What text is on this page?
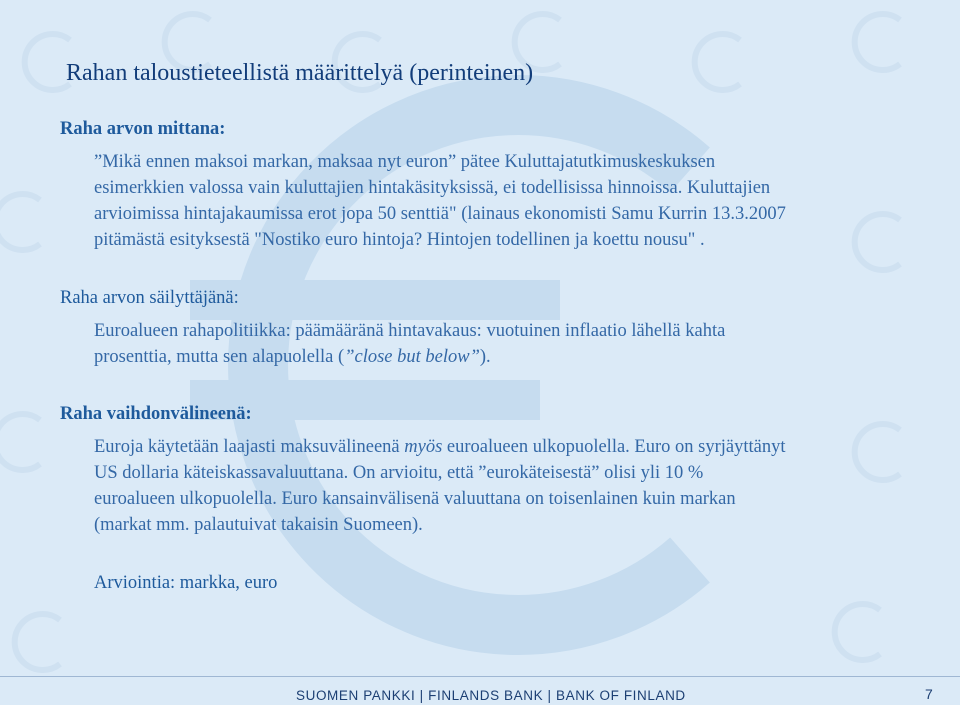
Rahan taloustieteellistä määrittelyä (perinteinen)
Raha arvon mittana:
”Mikä ennen maksoi markan, maksaa nyt euron” pätee Kuluttajatutkimuskeskuksen
esimerkkien valossa vain kuluttajien hintakäsityksissä, ei todellisissa hinnoissa. Kuluttajien
arvioimissa hintajakaumissa erot jopa 50 senttiä" (lainaus ekonomisti Samu Kurrin 13.3.2007
pitämästä esityksestä "Nostiko euro hintoja? Hintojen todellinen ja koettu nousu" .
Raha arvon säilyttäjänä:
Euroalueen rahapolitiikka: päämääränä hintavakaus: vuotuinen inflaatio lähellä kahta
prosenttia, mutta sen alapuolella (”close but below”).
Raha vaihdonvälineenä:
Euroja käytetään laajasti maksuvälineenä myös euroalueen ulkopuolella. Euro on syrjäyttänyt
US dollaria käteiskassavaluuttana. On arvioitu, että ”eurokäteisestä” olisi yli 10 %
euroalueen ulkopuolella. Euro kansainvälisenä valuuttana on toisenlainen kuin markan
(markat mm. palautuivat takaisin Suomeen).
Arviointia: markka, euro
SUOMEN PANKKI | FINLANDS BANK | BANK OF FINLAND	7
